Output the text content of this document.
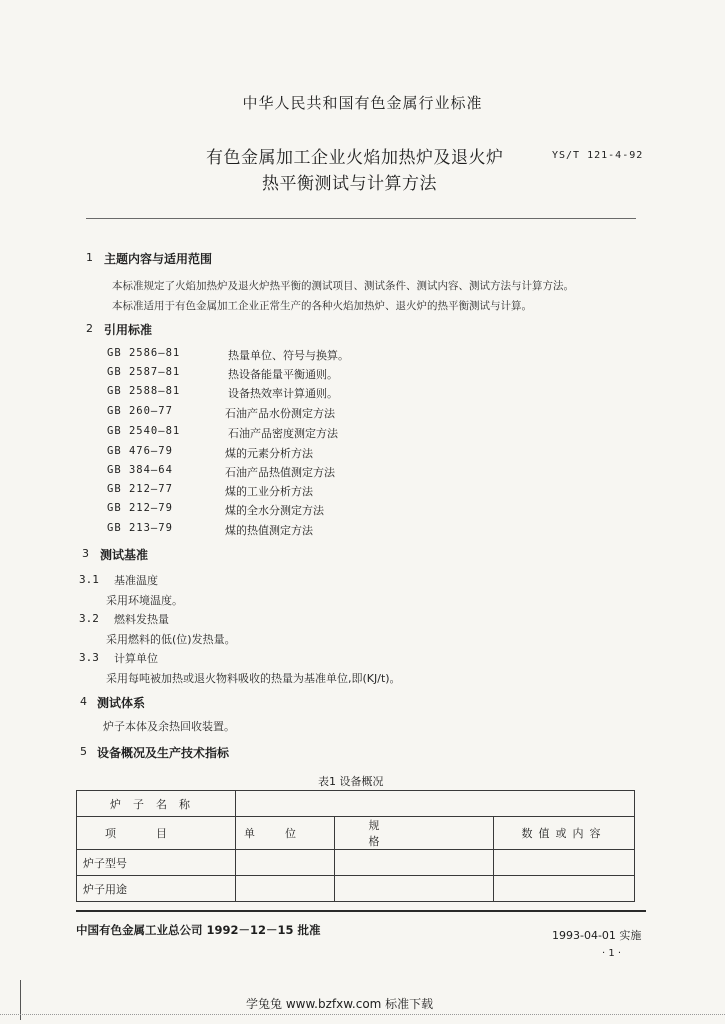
中华人民共和国有色金属行业标准
有色金属加工企业火焰加热炉及退火炉
热平衡测试与计算方法
YS/T 121-4-92
1 主题内容与适用范围
本标准规定了火焰加热炉及退火炉热平衡的测试项目、测试条件、测试内容、测试方法与计算方法。
本标准适用于有色金属加工企业正常生产的各种火焰加热炉、退火炉的热平衡测试与计算。
2 引用标准
GB 2586—81	热量单位、符号与换算。
GB 2587—81	热设备能量平衡通则。
GB 2588—81	设备热效率计算通则。
GB 260—77	石油产品水份测定方法
GB 2540—81	石油产品密度测定方法
GB 476—79	煤的元素分析方法
GB 384—64	石油产品热值测定方法
GB 212—77	煤的工业分析方法
GB 212—79	煤的全水分测定方法
GB 213—79	煤的热值测定方法
3 测试基准
3.1 基准温度
采用环境温度。
3.2 燃料发热量
采用燃料的低(位)发热量。
3.3 计算单位
采用每吨被加热或退火物料吸收的热量为基准单位,即(KJ/t)。
4 测试体系
炉子本体及余热回收装置。
5 设备概况及生产技术指标
表1 设备概况
炉子名称			
项目	单位	规格	数值或内容
炉子型号			
炉子用途			
中国有色金属工业总公司 1992－12－15 批准	1993-04-01 实施
· 1 ·
学兔兔 www.bzfxw.com 标准下载
